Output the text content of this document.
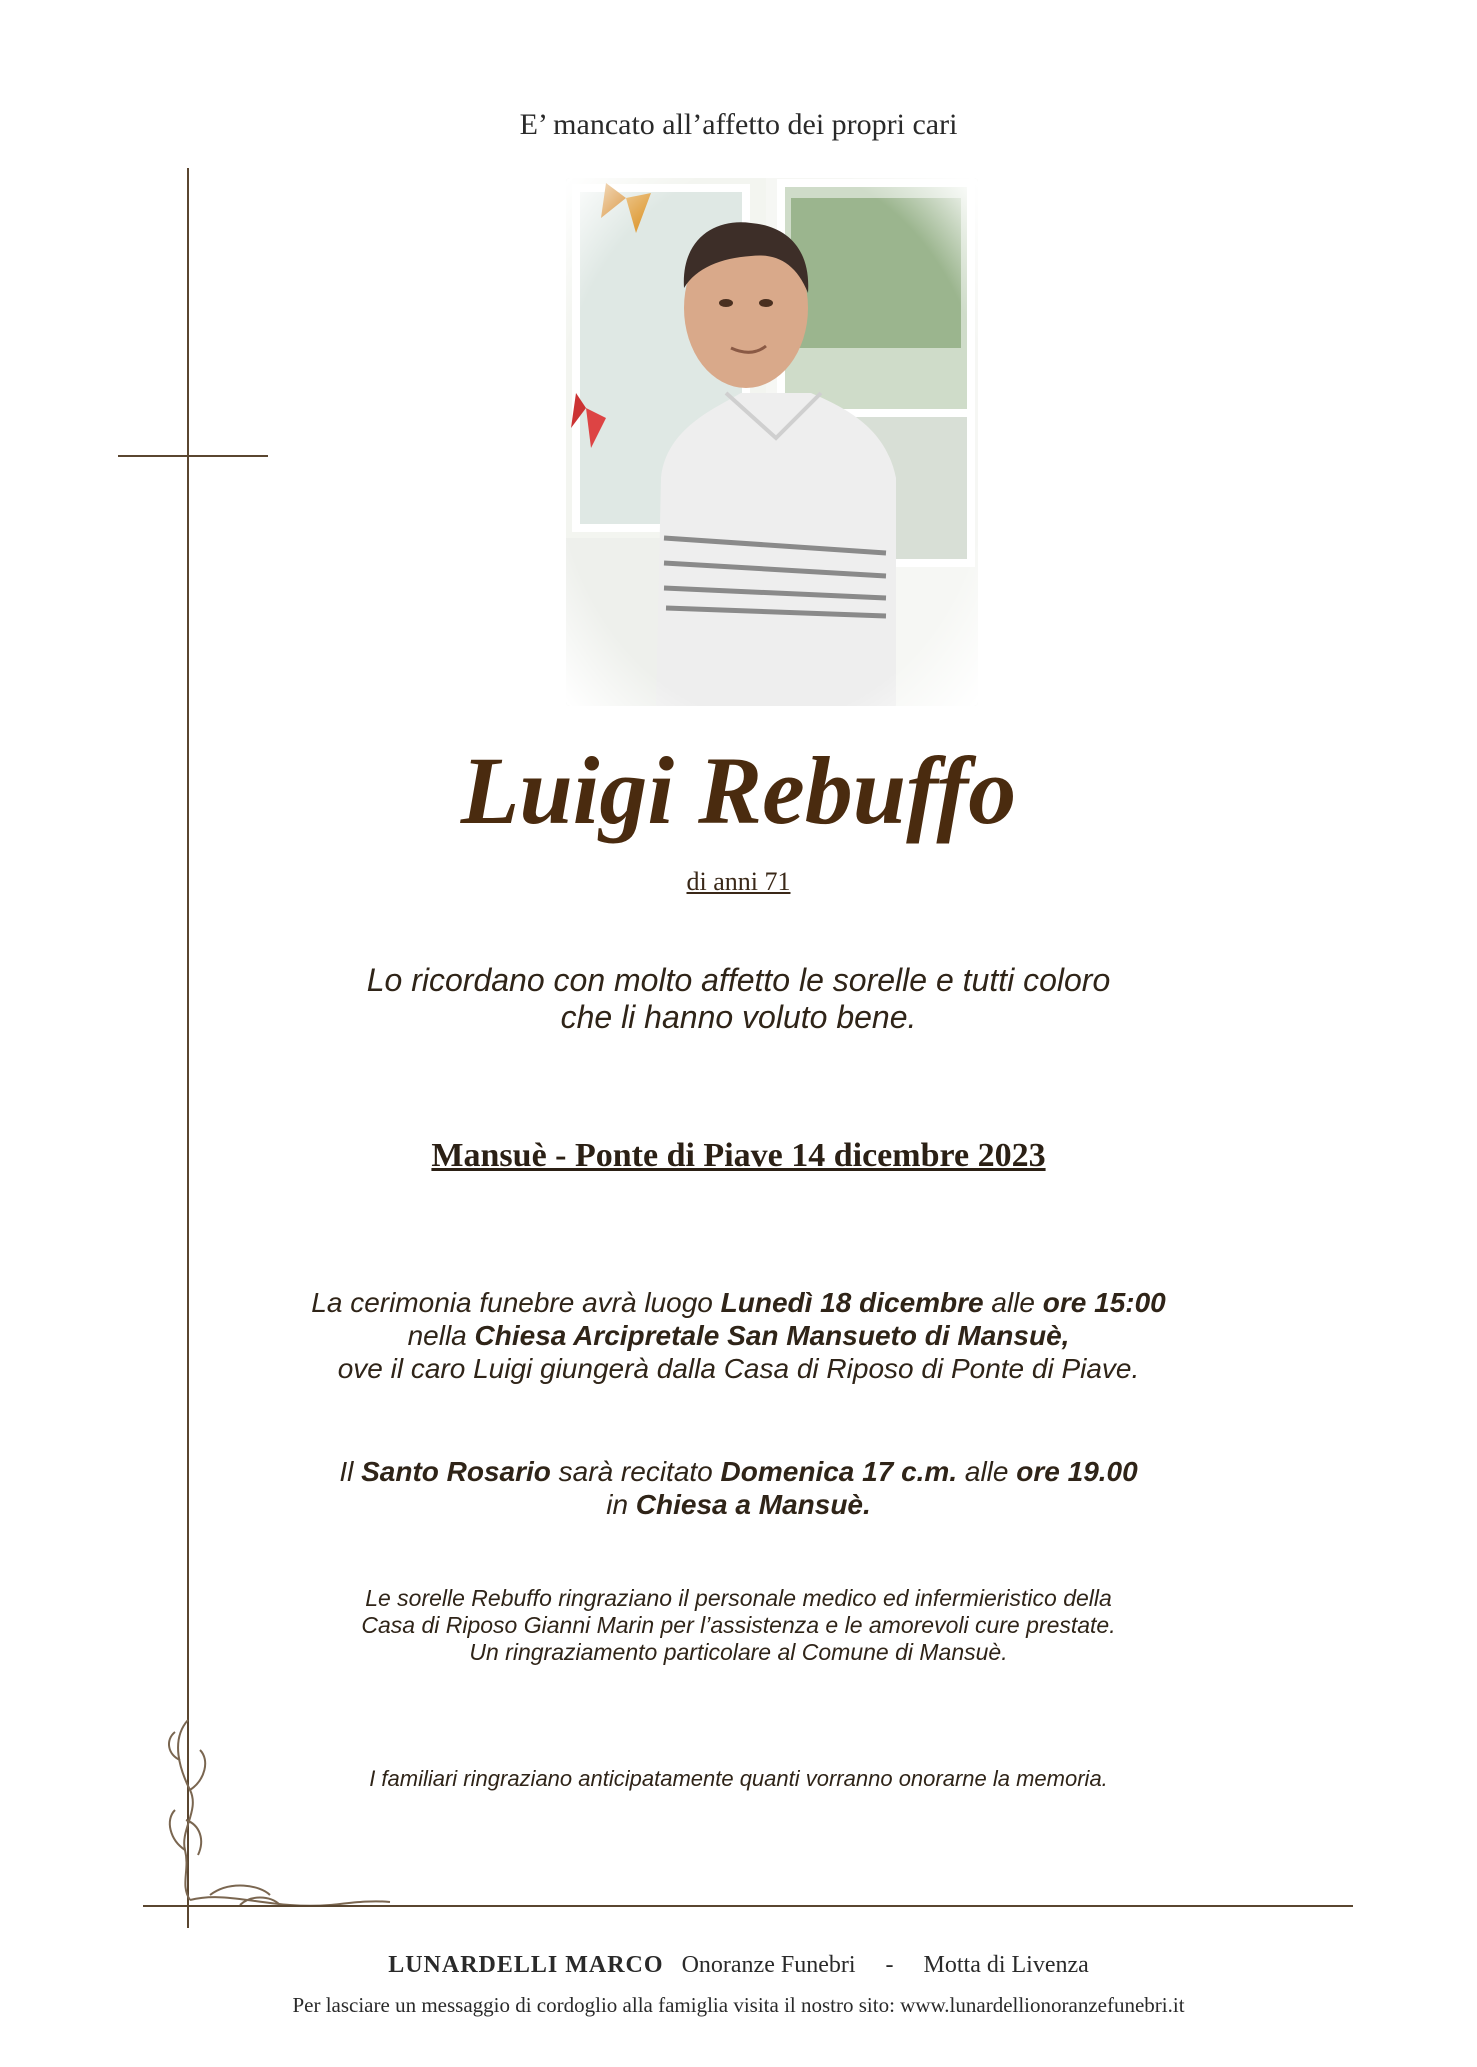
E’ mancato all’affetto dei propri cari
Luigi Rebuffo
di anni 71
Lo ricordano con molto affetto le sorelle e tutti coloro
che li hanno voluto bene.
Mansuè - Ponte di Piave 14 dicembre 2023
La cerimonia funebre avrà luogo Lunedì 18 dicembre alle ore 15:00
nella Chiesa Arcipretale San Mansueto di Mansuè,
ove il caro Luigi giungerà dalla Casa di Riposo di Ponte di Piave.
Il Santo Rosario sarà recitato Domenica 17 c.m. alle ore 19.00
in Chiesa a Mansuè.
Le sorelle Rebuffo ringraziano il personale medico ed infermieristico della
Casa di Riposo Gianni Marin per l’assistenza e le amorevoli cure prestate.
Un ringraziamento particolare al Comune di Mansuè.
I familiari ringraziano anticipatamente quanti vorranno onorarne la memoria.
LUNARDELLI MARCO Onoranze Funebri - Motta di Livenza
Per lasciare un messaggio di cordoglio alla famiglia visita il nostro sito: www.lunardellionoranzefunebri.it
